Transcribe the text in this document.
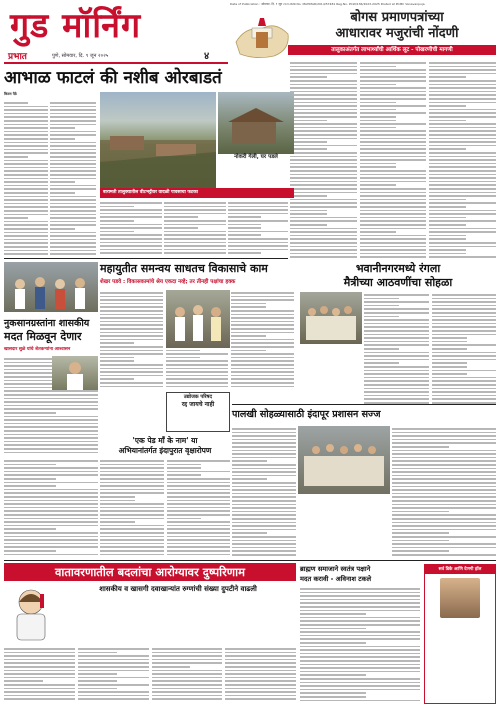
Date of Publication : सोमवार, दि. ९ जून २०२५ RNI No. MAHMAR/2014/57481 Reg.No. PCW/136/2023-2025 Posted at PCMC Vanavanpuja
गुड मॉर्निंग
प्रभात	पुणे, सोमवार, दि. ९ जून २०२५	४
बोगस प्रमाणपत्रांच्या
आधारावर मजुरांची नोंदणी
तालुकाअंतर्गत लाभार्थ्यांची आर्थिक लूट - पोखरणीची मागणी
आभाळ फाटलं की नशीब ओरबाडतं
किरण पैठे
बारामती तालुक्यातील वीटभट्टीवर वादळी पावसाचा फटका
नोकरी गेली, घर पडले
महायुतीत समन्वय साधतच विकासाचे काम
शेखर पडवे : विकासकामांचे श्रेय एकदा नव्हे; तर तीनही पक्षांचा हक्क
नुकसानग्रस्तांना शासकीय
मदत मिळवून देणार
खासदार सुळे यांचे शेतकऱ्यांना आश्वासन
भवानीनगरमध्ये रंगला
मैत्रीच्या आठवणींचा सोहळा
उद्योजक परिषद
रद्द जायचे नाही
'एक पेड माँ के नाम' या
अभियानांतर्गत इंदापुरात वृक्षारोपण
पालखी सोहळ्यासाठी इंदापूर प्रशासन सज्ज
वातावरणातील बदलांचा आरोग्यावर दुष्परिणाम
शासकीय व खासगी दवाखान्यांत रुग्णांची संख्या दुपटीने वाढली
ब्राह्मण समाजाने स्वतंत्र पक्षाने
मदत करावी - अविनाश टकले
सर्व डिके आणि देणगी हॉल
